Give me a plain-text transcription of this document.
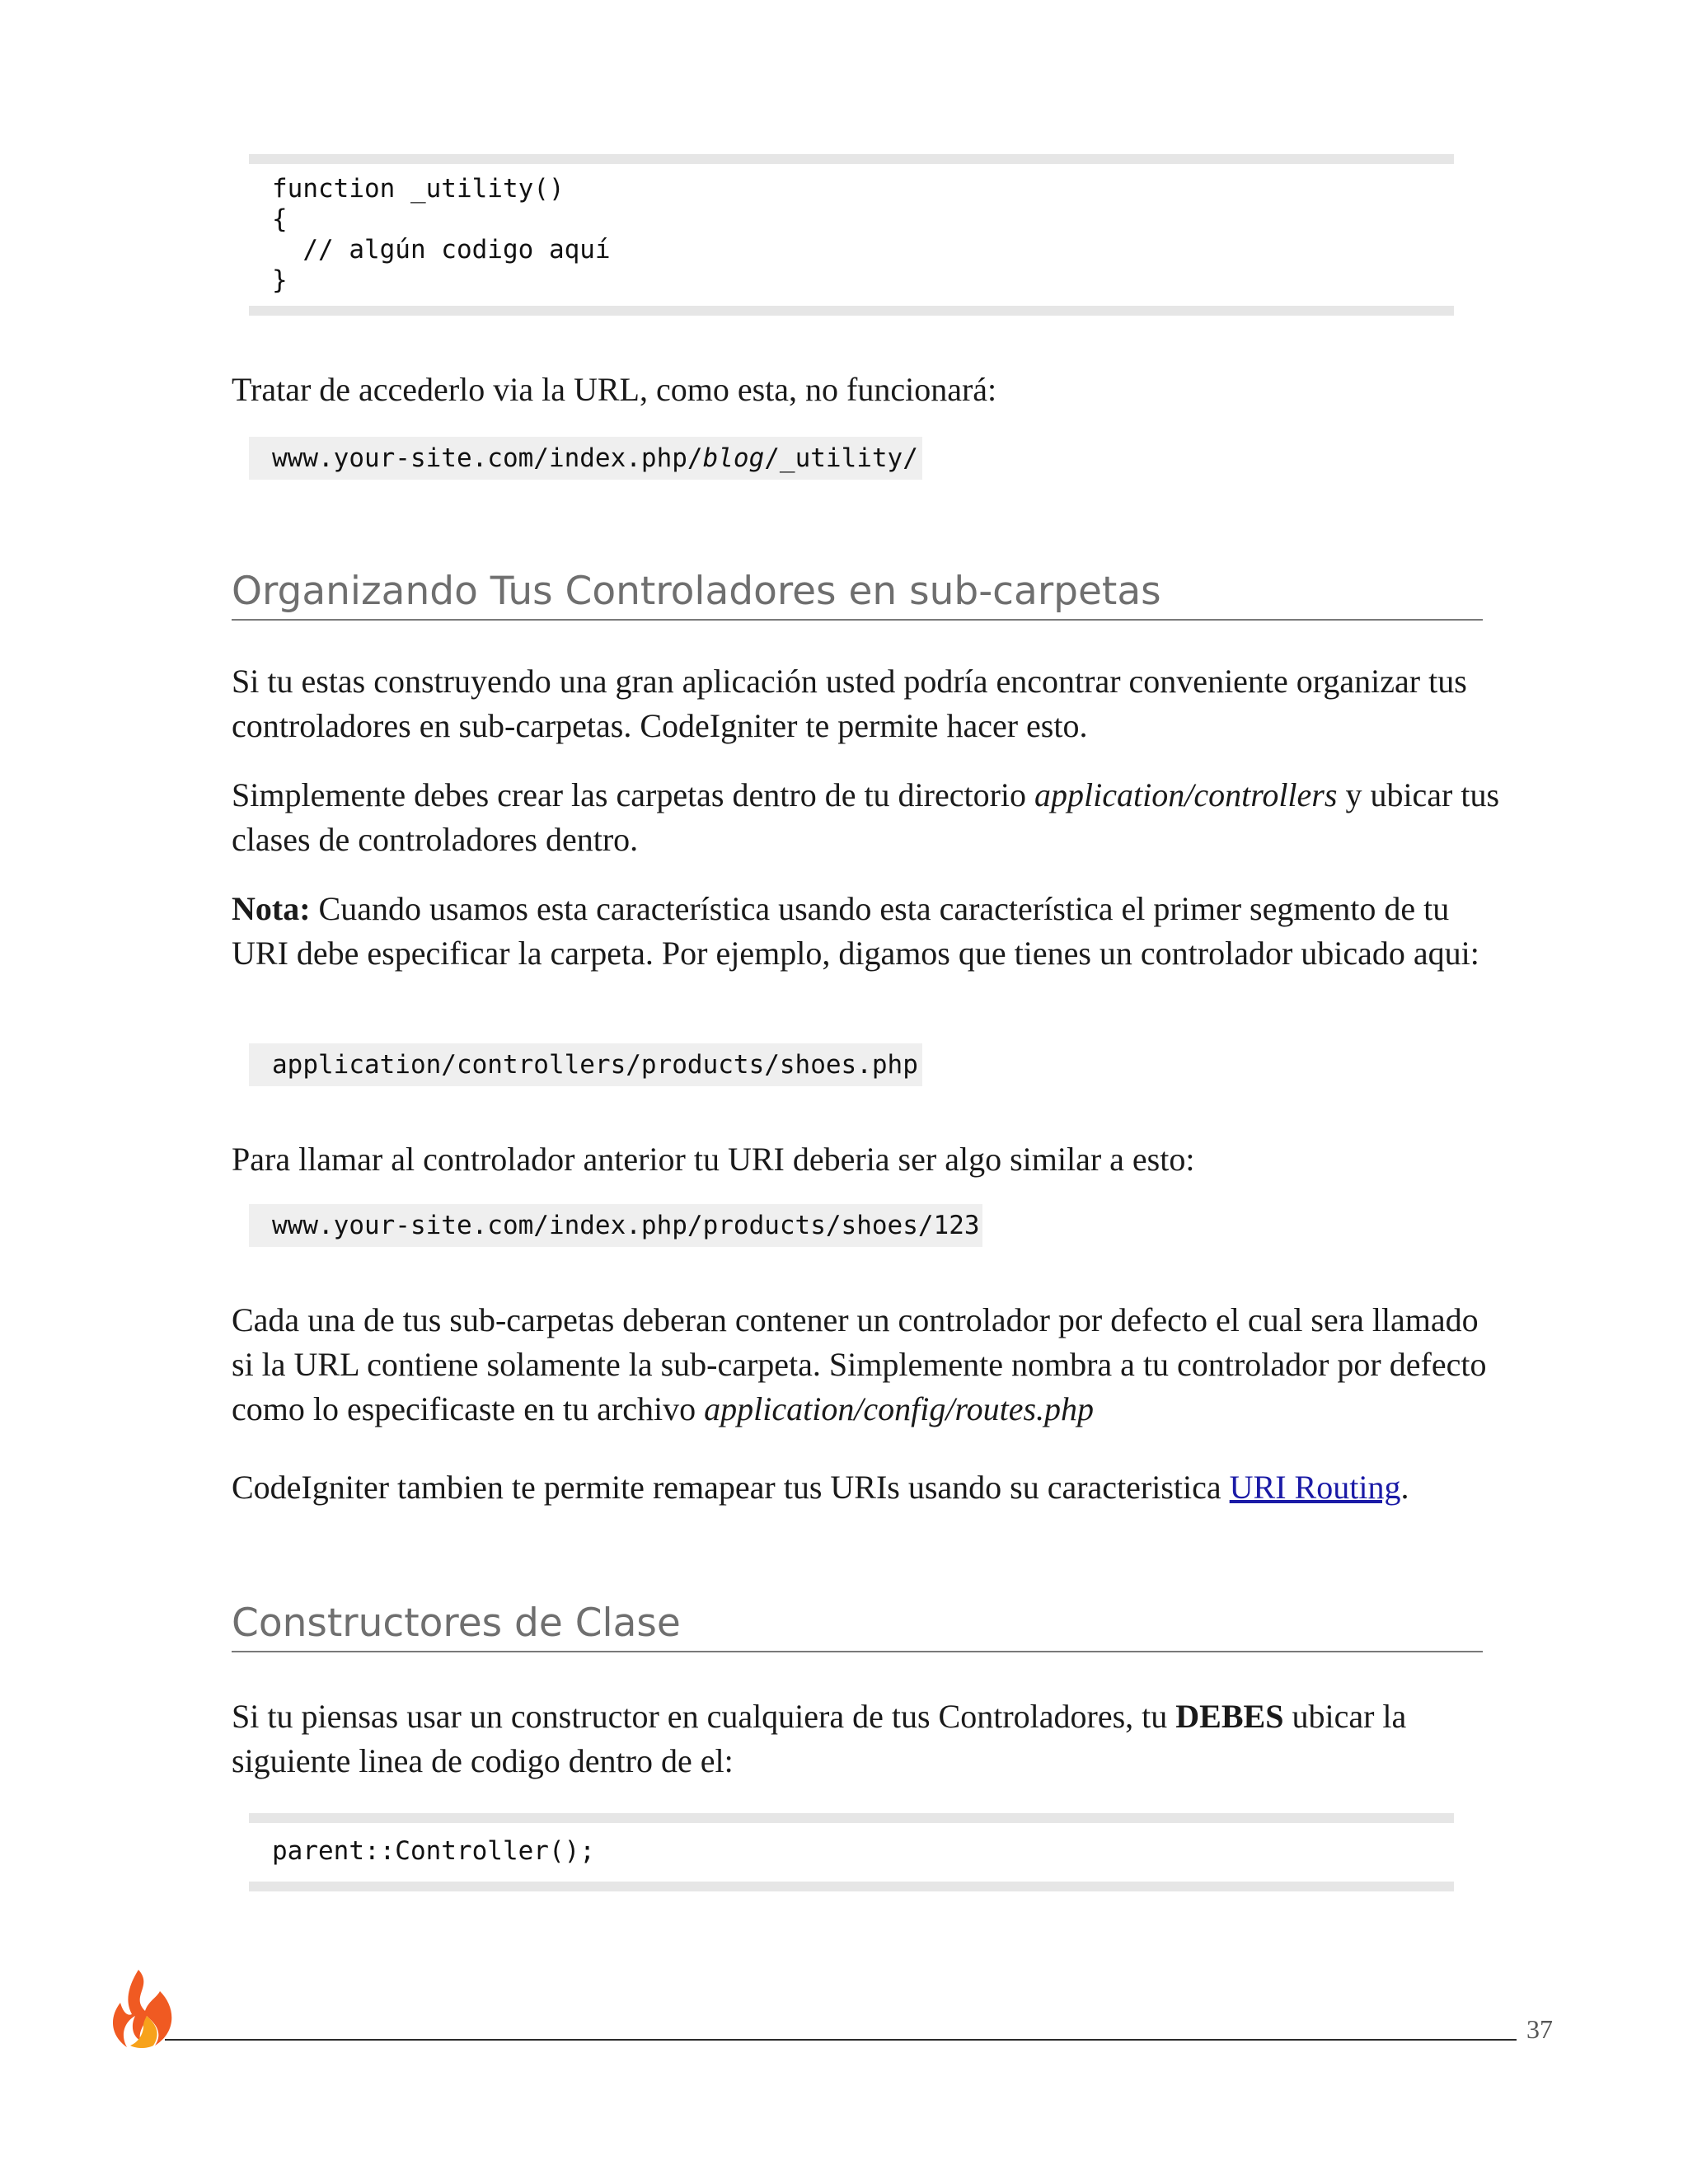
function _utility()
{
// algún codigo aquí
}

Tratar de accederlo via la URL, como esta, no funcionará:

www.your-site.com/index.php/blog/_utility/
Organizando Tus Controladores en sub-carpetas

Si tu estas construyendo una gran aplicación usted podría encontrar conveniente organizar tus controladores en sub-carpetas. CodeIgniter te permite hacer esto.

Simplemente debes crear las carpetas dentro de tu directorio application/controllers y ubicar tus clases de controladores dentro.

Nota: Cuando usamos esta característica usando esta característica el primer segmento de tu URI debe especificar la carpeta. Por ejemplo, digamos que tienes un controlador ubicado aqui:

application/controllers/products/shoes.php

Para llamar al controlador anterior tu URI deberia ser algo similar a esto:

www.your-site.com/index.php/products/shoes/123

Cada una de tus sub-carpetas deberan contener un controlador por defecto el cual sera llamado si la URL contiene solamente la sub-carpeta. Simplemente nombra a tu controlador por defecto como lo especificaste en tu archivo application/config/routes.php

CodeIgniter tambien te permite remapear tus URIs usando su caracteristica URI Routing.

Constructores de Clase

Si tu piensas usar un constructor en cualquiera de tus Controladores, tu DEBES ubicar la siguiente linea de codigo dentro de el:

parent::Controller();
37
